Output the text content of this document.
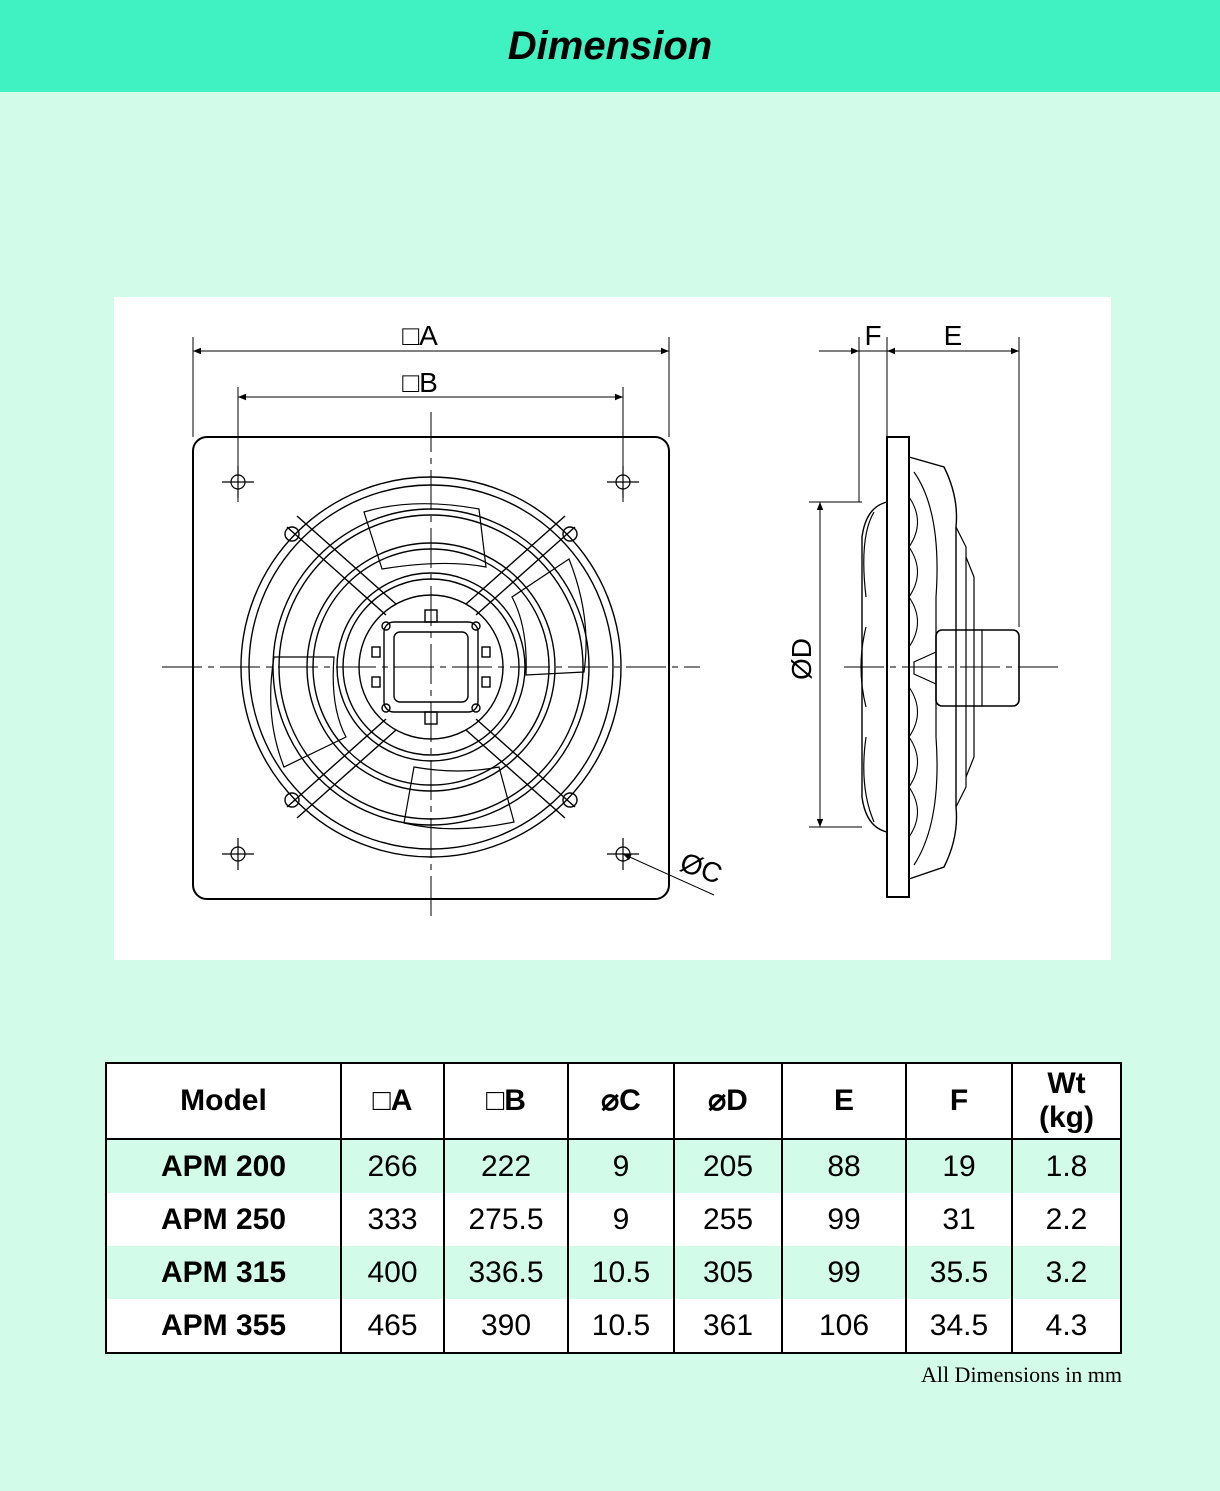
Dimension
□A
□B
ØC
F E
ØD
Model	□A	□B	⌀C	⌀D	E	F	Wt
(kg)
APM 200	266	222	9	205	88	19	1.8
APM 250	333	275.5	9	255	99	31	2.2
APM 315	400	336.5	10.5	305	99	35.5	3.2
APM 355	465	390	10.5	361	106	34.5	4.3
All Dimensions in mm
